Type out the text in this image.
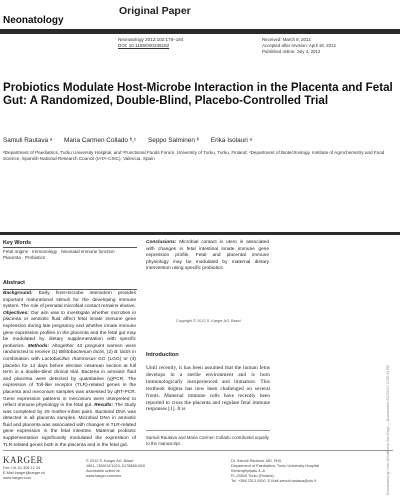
Original Paper
Neonatology
Neonatology 2012;102:178–184
DOI: 10.1159/000339182
Received: March 8, 2012
Accepted after revision: April 19, 2012
Published online: July 4, 2012
Probiotics Modulate Host-Microbe Interaction in the Placenta and Fetal Gut: A Randomized, Double-Blind, Placebo-Controlled Trial
Samuli Rautava ᵃ Maria Carmen Collado ᵇ,ᶜ Seppo Salminen ᵇ Erika Isolauri ᵃ
ᵃDepartment of Paediatrics, Turku University Hospital, and ᵇFunctional Foods Forum, University of Turku, Turku, Finland; ᶜDepartment of Biotechnology, Institute of Agrochemistry and Food Science, Spanish National Research Council (IATA-CSIC), Valencia, Spain
Key Words
Fetal origins · Immunology · Neonatal immune function · Placenta · Probiotics
Abstract
Background: Early host-microbe interaction provides important maturational stimuli for the developing immune system. The role of prenatal microbial contact remains elusive. Objectives: Our aim was to investigate whether microbes in placenta or amniotic fluid affect fetal innate immune gene expression during late pregnancy and whether innate immune gene expression profiles in the placenta and the fetal gut may be modulated by dietary supplementation with specific probiotics. Methods: Altogether 43 pregnant women were randomized to receive (1) Bifidobacterium lactis, (2) B. lactis in combination with Lactobacillus rhamnosus GG (LGG) or (3) placebo for 14 days before elective cesarean section at full term in a double-blind clinical trial. Bacteria in amniotic fluid and placenta were detected by quantitative (q)PCR. The expression of Toll-like receptor (TLR)-related genes in the placenta and meconium samples was assessed by qRT-PCR. Gene expression patterns in meconium were interpreted to reflect immune physiology in the fetal gut. Results: The study was completed by 29 mother-infant pairs. Bacterial DNA was detected in all placenta samples. Microbial DNA in amniotic fluid and placenta was associated with changes in TLR-related gene expression in the fetal intestine. Maternal probiotic supplementation significantly modulated the expression of TLR-related genes both in the placenta and in the fetal gut.
Conclusions: Microbial contact in utero is associated with changes in fetal intestinal innate immune gene expression profile. Fetal and placental immune physiology may be modulated by maternal dietary intervention using specific probiotics.
Copyright © 2012 S. Karger AG, Basel
Introduction
Until recently, it has been assumed that the human fetus develops in a sterile environment and is born immunologically inexperienced and immature. This textbook dogma has now been challenged on several fronts. Maternal immune cells have recently been reported to cross the placenta and regulate fetal immune responses [1]. It is
Samuli Rautava and Maria Carmen Collado contributed equally to the manuscript.
KARGER
Fax +41 61 306 12 34
E-Mail karger@karger.ch
www.karger.com
© 2012 S. Karger AG, Basel
1661–7800/12/1023–0178$38.00/0
Accessible online at:
www.karger.com/neo
Dr. Samuli Rautava, MD, PhD
Department of Paediatrics, Turku University Hospital
Kiinamyllynkatu 4–8
FI–20520 Turku (Finland)
Tel. +358 2313 0000, E-Mail samuli.rautava@utu.fi	Downloaded by: Univ. of California San Diego — Downloaded: 6/27/2017 10:25:34 PM
